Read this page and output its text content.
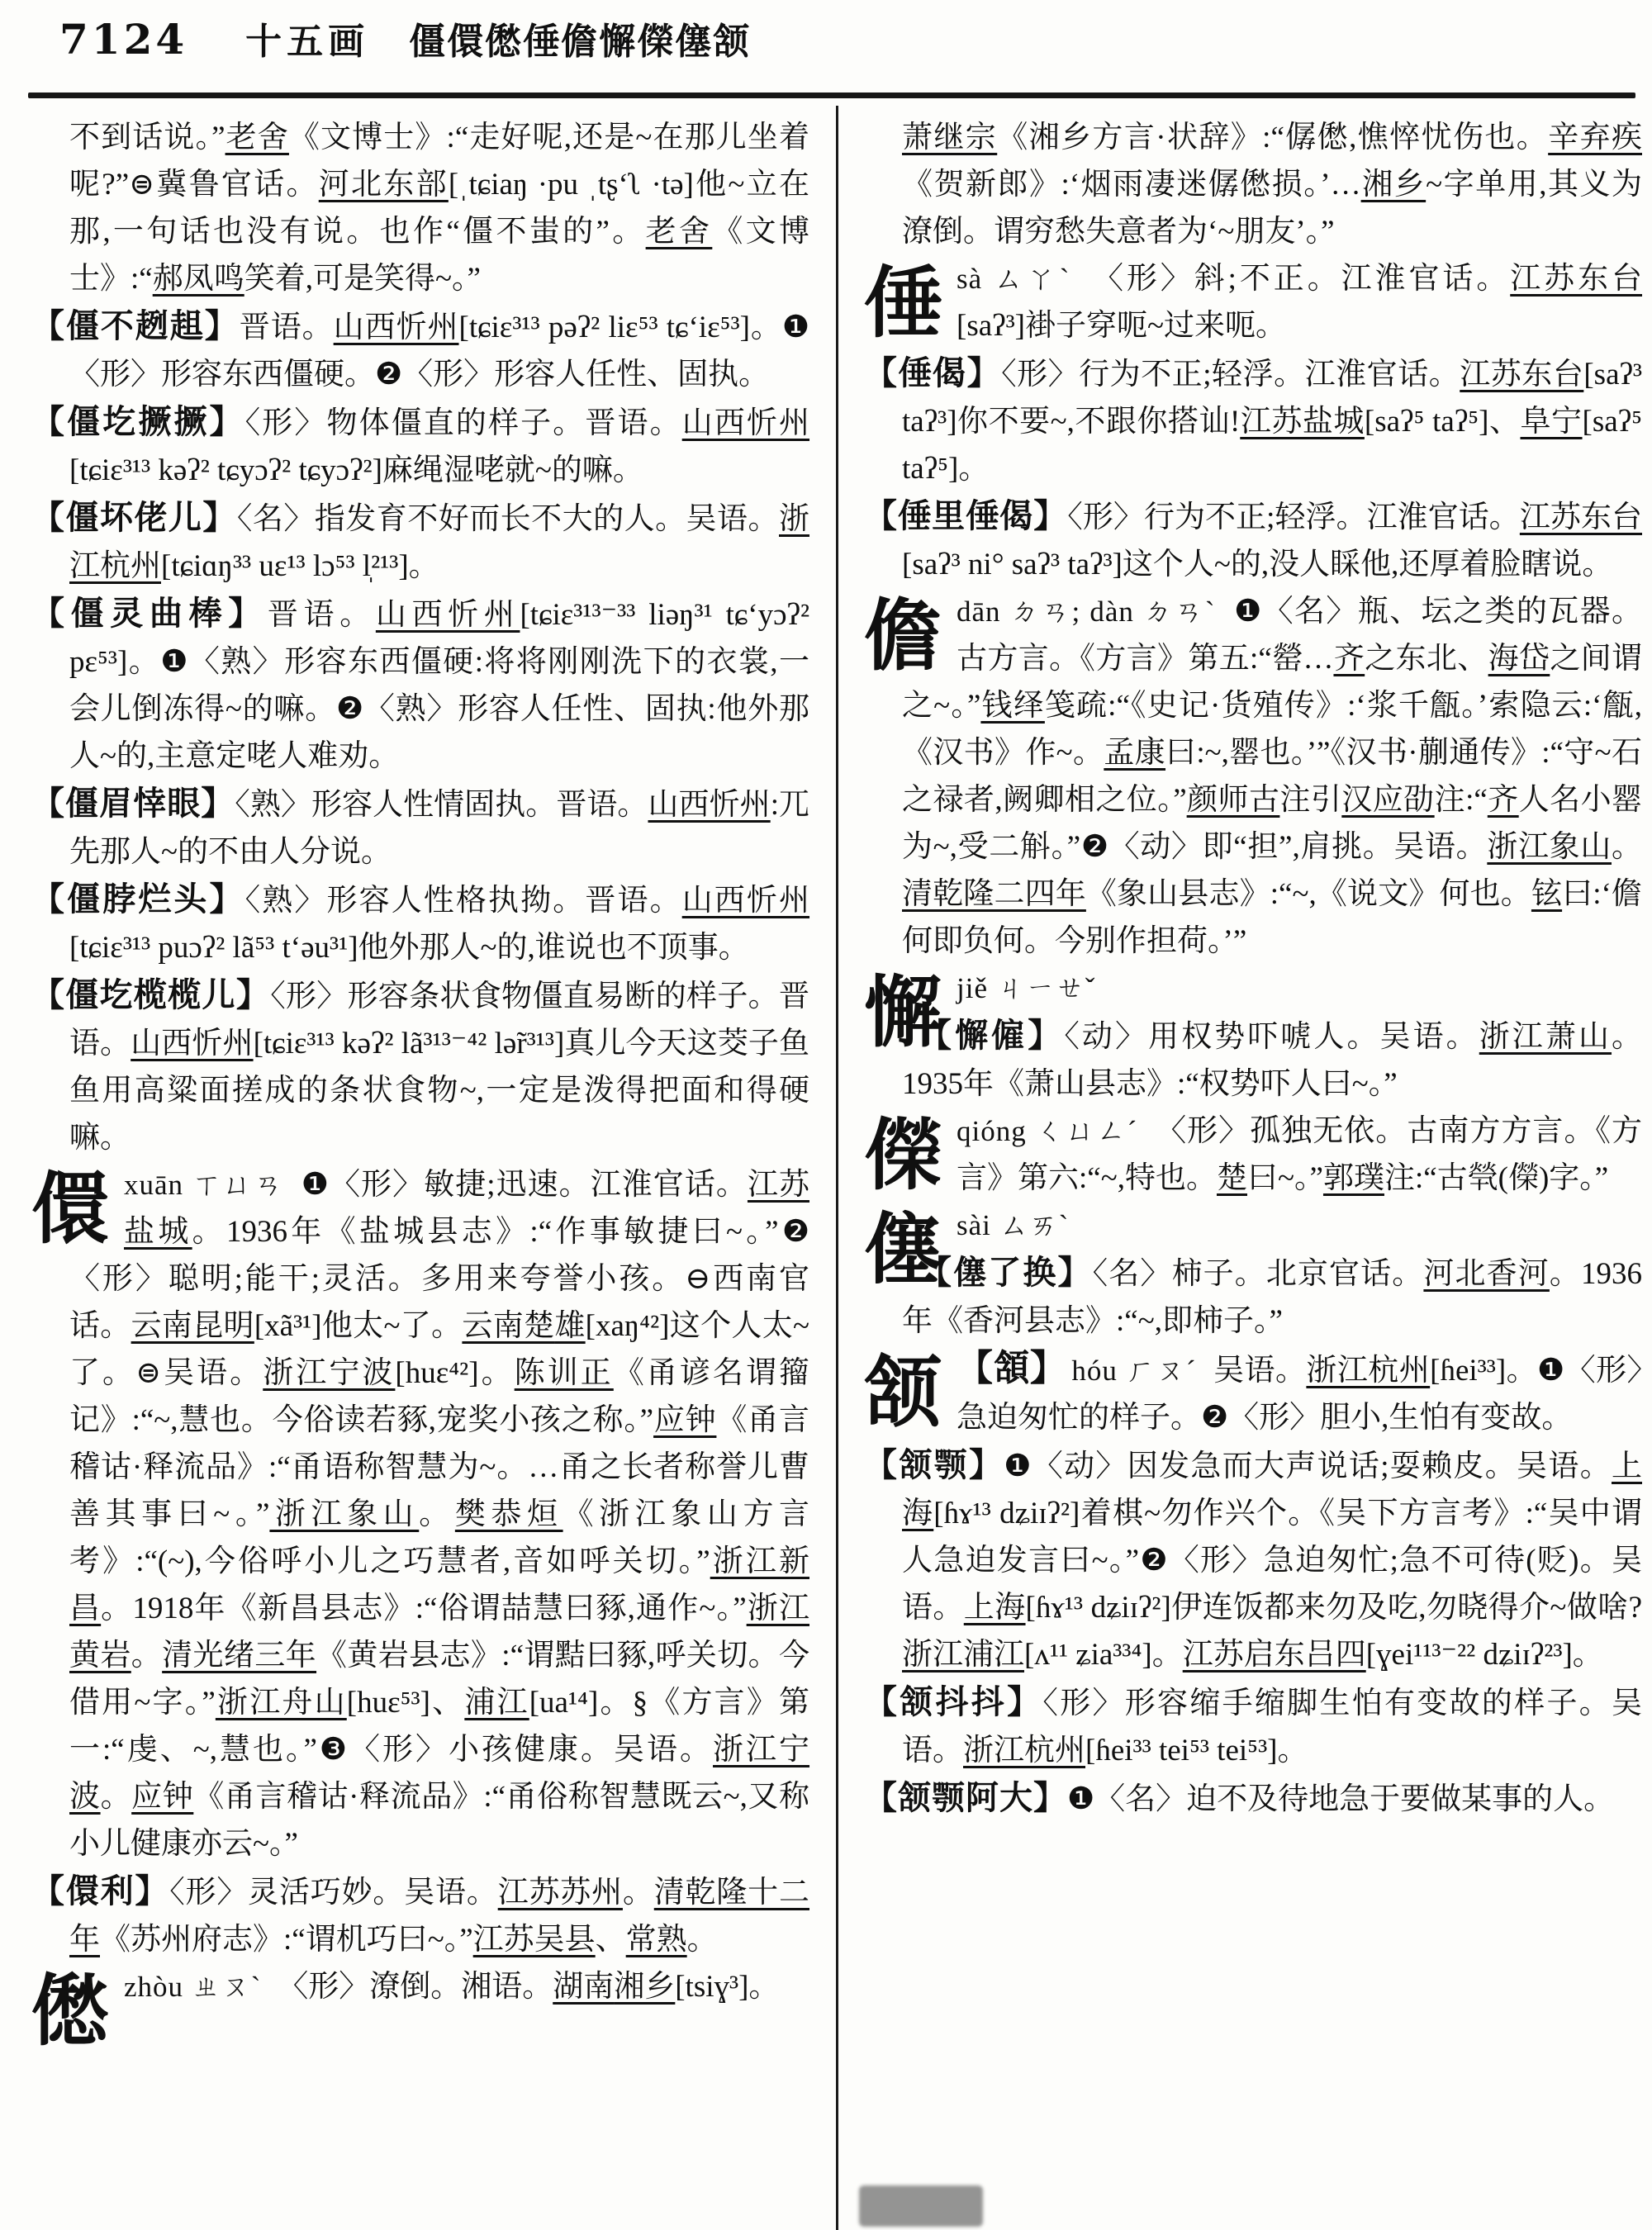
7124 十五画 僵儇僽倕儋懈儝僿颔

不到话说。”老舍《文博士》:“走好呢,还是~在那儿坐着呢?”⊜冀鲁官话。河北东部[ˌtɕiaŋ ·pu ˌtʂʻʅ ·tə]他~立在那,一句话也没有说。也作“僵不蚩的”。老舍《文博士》:“郝凤鸣笑着,可是笑得~。”

【僵不趔趄】晋语。山西忻州[tɕiɛ³¹³ pəʔ² liɛ⁵³ tɕʻiɛ⁵³]。❶〈形〉形容东西僵硬。❷〈形〉形容人任性、固执。

【僵圪撅撅】〈形〉物体僵直的样子。晋语。山西忻州[tɕiɛ³¹³ kəʔ² tɕyɔʔ² tɕyɔʔ²]麻绳湿咾就~的嘛。

【僵坏佬儿】〈名〉指发育不好而长不大的人。吴语。浙江杭州[tɕiɑŋ³³ uɛ¹³ lɔ⁵³ l̩²¹³]。

【僵灵曲棒】晋语。山西忻州[tɕiɛ³¹³⁻³³ liəŋ³¹ tɕʻyɔʔ² pɛ⁵³]。❶〈熟〉形容东西僵硬:将将刚刚洗下的衣裳,一会儿倒冻得~的嘛。❷〈熟〉形容人任性、固执:他外那人~的,主意定咾人难劝。

【僵眉悻眼】〈熟〉形容人性情固执。晋语。山西忻州:兀先那人~的不由人分说。

【僵脖烂头】〈熟〉形容人性格执拗。晋语。山西忻州[tɕiɛ³¹³ puɔʔ² lã⁵³ tʻəu³¹]他外那人~的,谁说也不顶事。

【僵圪榄榄儿】〈形〉形容条状食物僵直易断的样子。晋语。山西忻州[tɕiɛ³¹³ kəʔ² lã³¹³⁻⁴² lə̃r³¹³]真儿今天这茭子鱼鱼用高粱面搓成的条状食物~,一定是泼得把面和得硬嘛。

儇xuān ㄒㄩㄢ ❶〈形〉敏捷;迅速。江淮官话。江苏盐城。1936年《盐城县志》:“作事敏捷曰~。”❷〈形〉聪明;能干;灵活。多用来夸誉小孩。⊖西南官话。云南昆明[xã³¹]他太~了。云南楚雄[xaŋ⁴²]这个人太~了。⊜吴语。浙江宁波[huɛ⁴²]。陈训正《甬谚名谓籀记》:“~,慧也。今俗读若豩,宠奖小孩之称。”应钟《甬言稽诂·释流品》:“甬语称智慧为~。…甬之长者称誉儿曹善其事曰~。”浙江象山。樊恭烜《浙江象山方言考》:“(~),今俗呼小儿之巧慧者,音如呼关切。”浙江新昌。1918年《新昌县志》:“俗谓喆慧曰豩,通作~。”浙江黄岩。清光绪三年《黄岩县志》:“谓黠曰豩,呼关切。今借用~字。”浙江舟山[huɛ⁵³]、浦江[ua¹⁴]。§《方言》第一:“虔、~,慧也。”❸〈形〉小孩健康。吴语。浙江宁波。应钟《甬言稽诂·释流品》:“甬俗称智慧既云~,又称小儿健康亦云~。”

【儇利】〈形〉灵活巧妙。吴语。江苏苏州。清乾隆十二年《苏州府志》:“谓机巧曰~。”江苏吴县、常熟。

僽zhòu ㄓㄡˋ 〈形〉潦倒。湘语。湖南湘乡[tsiɣ³]。

萧继宗《湘乡方言·状辞》:“僝僽,憔悴忧伤也。辛弃疾《贺新郎》:‘烟雨凄迷僝僽损。’…湘乡~字单用,其义为潦倒。谓穷愁失意者为‘~朋友’。”

倕sà ㄙㄚˋ 〈形〉斜;不正。江淮官话。江苏东台[saʔ³]褂子穿呃~过来呃。

【倕偈】〈形〉行为不正;轻浮。江淮官话。江苏东台[saʔ³ taʔ³]你不要~,不跟你搭讪!江苏盐城[saʔ⁵ taʔ⁵]、阜宁[saʔ⁵ taʔ⁵]。

【倕里倕偈】〈形〉行为不正;轻浮。江淮官话。江苏东台[saʔ³ ni° saʔ³ taʔ³]这个人~的,没人睬他,还厚着脸瞎说。

儋dān ㄉㄢ; dàn ㄉㄢˋ ❶〈名〉瓶、坛之类的瓦器。古方言。《方言》第五:“罃…齐之东北、海岱之间谓之~。”钱绎笺疏:“《史记·货殖传》:‘浆千甔。’索隐云:‘甔,《汉书》作~。孟康曰:~,罂也。’”《汉书·蒯通传》:“守~石之禄者,阙卿相之位。”颜师古注引汉应劭注:“齐人名小罂为~,受二斛。”❷〈动〉即“担”,肩挑。吴语。浙江象山。清乾隆二四年《象山县志》:“~,《说文》何也。铉曰:‘儋何即负何。今别作担荷。’”

懈jiě ㄐㄧㄝˇ

【懈僱】〈动〉用权势吓唬人。吴语。浙江萧山。1935年《萧山县志》:“权势吓人曰~。”

儝qióng ㄑㄩㄥˊ 〈形〉孤独无依。古南方方言。《方言》第六:“~,特也。楚曰~。”郭璞注:“古煢(儝)字。”

僿sài ㄙㄞˋ

【僿了换】〈名〉柿子。北京官话。河北香河。1936年《香河县志》:“~,即柿子。”

颔 【頷】 hóu ㄏㄡˊ 吴语。浙江杭州[ɦei³³]。❶〈形〉急迫匆忙的样子。❷〈形〉胆小,生怕有变故。

【颔颚】❶〈动〉因发急而大声说话;耍赖皮。吴语。上海[ɦɤ¹³ dʑiɪʔ²]着棋~勿作兴个。《吴下方言考》:“吴中谓人急迫发言曰~。”❷〈形〉急迫匆忙;急不可待(贬)。吴语。上海[ɦɤ¹³ dʑiɪʔ²]伊连饭都来勿及吃,勿晓得介~做啥?浙江浦江[ʌ¹¹ ʑia³³⁴]。江苏启东吕四[ɣei¹¹³⁻²² dʑiɪʔ²³]。

【颔抖抖】〈形〉形容缩手缩脚生怕有变故的样子。吴语。浙江杭州[ɦei³³ tei⁵³ tei⁵³]。

【颔颚阿大】❶〈名〉迫不及待地急于要做某事的人。
